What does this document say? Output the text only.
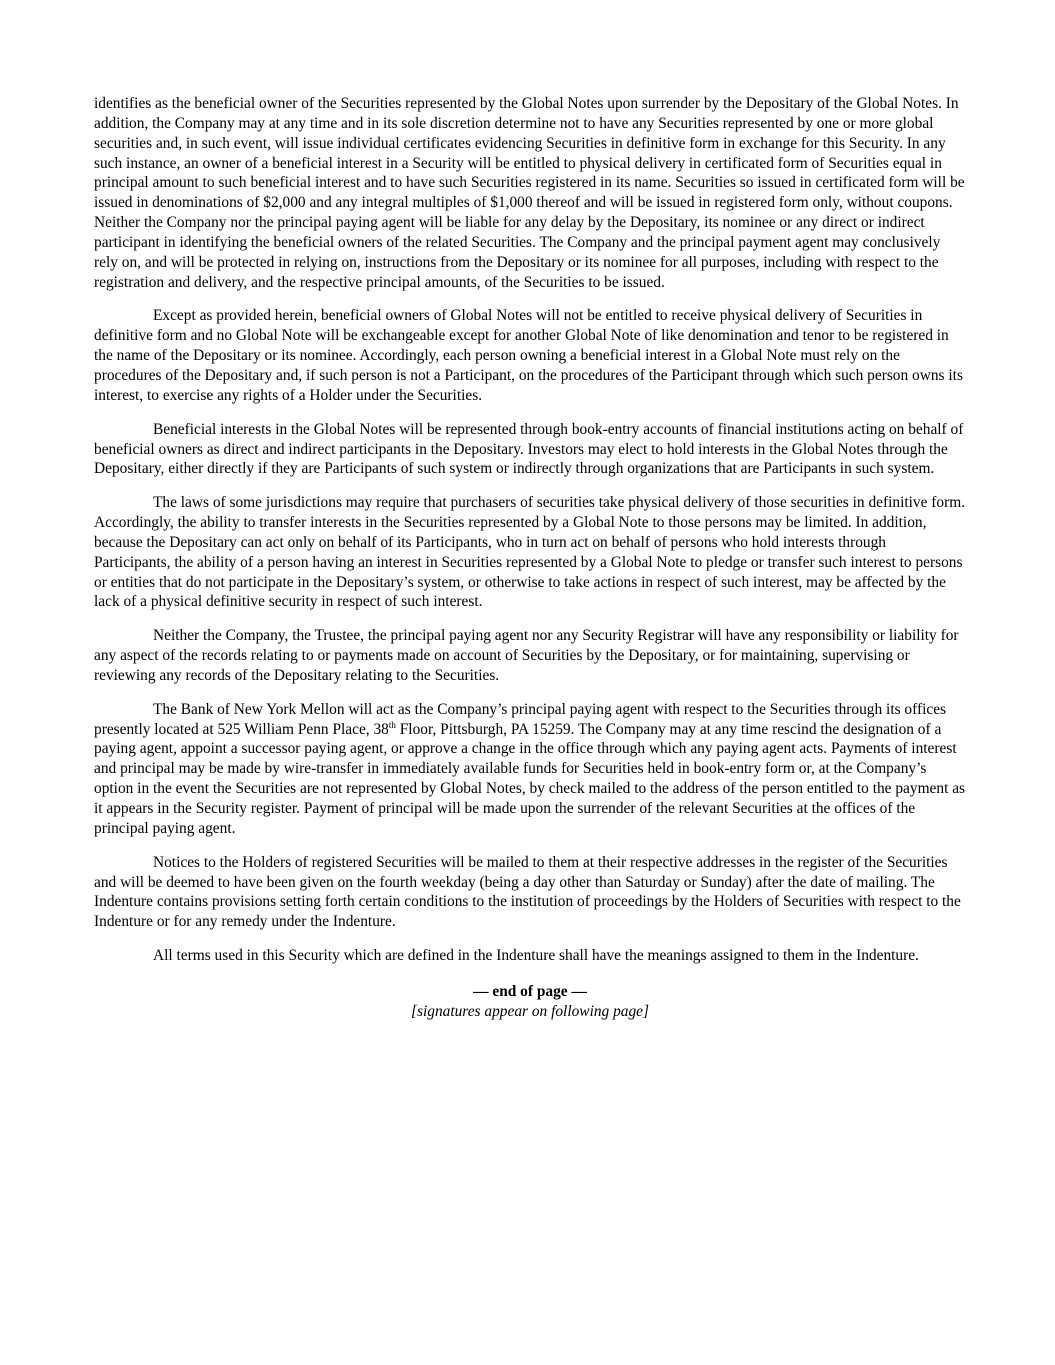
identifies as the beneficial owner of the Securities represented by the Global Notes upon surrender by the Depositary of the Global Notes. In addition, the Company may at any time and in its sole discretion determine not to have any Securities represented by one or more global securities and, in such event, will issue individual certificates evidencing Securities in definitive form in exchange for this Security. In any such instance, an owner of a beneficial interest in a Security will be entitled to physical delivery in certificated form of Securities equal in principal amount to such beneficial interest and to have such Securities registered in its name. Securities so issued in certificated form will be issued in denominations of $2,000 and any integral multiples of $1,000 thereof and will be issued in registered form only, without coupons. Neither the Company nor the principal paying agent will be liable for any delay by the Depositary, its nominee or any direct or indirect participant in identifying the beneficial owners of the related Securities. The Company and the principal payment agent may conclusively rely on, and will be protected in relying on, instructions from the Depositary or its nominee for all purposes, including with respect to the registration and delivery, and the respective principal amounts, of the Securities to be issued.

Except as provided herein, beneficial owners of Global Notes will not be entitled to receive physical delivery of Securities in definitive form and no Global Note will be exchangeable except for another Global Note of like denomination and tenor to be registered in the name of the Depositary or its nominee. Accordingly, each person owning a beneficial interest in a Global Note must rely on the procedures of the Depositary and, if such person is not a Participant, on the procedures of the Participant through which such person owns its interest, to exercise any rights of a Holder under the Securities.

Beneficial interests in the Global Notes will be represented through book-entry accounts of financial institutions acting on behalf of beneficial owners as direct and indirect participants in the Depositary. Investors may elect to hold interests in the Global Notes through the Depositary, either directly if they are Participants of such system or indirectly through organizations that are Participants in such system.

The laws of some jurisdictions may require that purchasers of securities take physical delivery of those securities in definitive form. Accordingly, the ability to transfer interests in the Securities represented by a Global Note to those persons may be limited. In addition, because the Depositary can act only on behalf of its Participants, who in turn act on behalf of persons who hold interests through Participants, the ability of a person having an interest in Securities represented by a Global Note to pledge or transfer such interest to persons or entities that do not participate in the Depositary’s system, or otherwise to take actions in respect of such interest, may be affected by the lack of a physical definitive security in respect of such interest.

Neither the Company, the Trustee, the principal paying agent nor any Security Registrar will have any responsibility or liability for any aspect of the records relating to or payments made on account of Securities by the Depositary, or for maintaining, supervising or reviewing any records of the Depositary relating to the Securities.

The Bank of New York Mellon will act as the Company’s principal paying agent with respect to the Securities through its offices presently located at 525 William Penn Place, 38th Floor, Pittsburgh, PA 15259. The Company may at any time rescind the designation of a paying agent, appoint a successor paying agent, or approve a change in the office through which any paying agent acts. Payments of interest and principal may be made by wire-transfer in immediately available funds for Securities held in book-entry form or, at the Company’s option in the event the Securities are not represented by Global Notes, by check mailed to the address of the person entitled to the payment as it appears in the Security register. Payment of principal will be made upon the surrender of the relevant Securities at the offices of the principal paying agent.

Notices to the Holders of registered Securities will be mailed to them at their respective addresses in the register of the Securities and will be deemed to have been given on the fourth weekday (being a day other than Saturday or Sunday) after the date of mailing. The Indenture contains provisions setting forth certain conditions to the institution of proceedings by the Holders of Securities with respect to the Indenture or for any remedy under the Indenture.

All terms used in this Security which are defined in the Indenture shall have the meanings assigned to them in the Indenture.

— end of page —
[signatures appear on following page]
